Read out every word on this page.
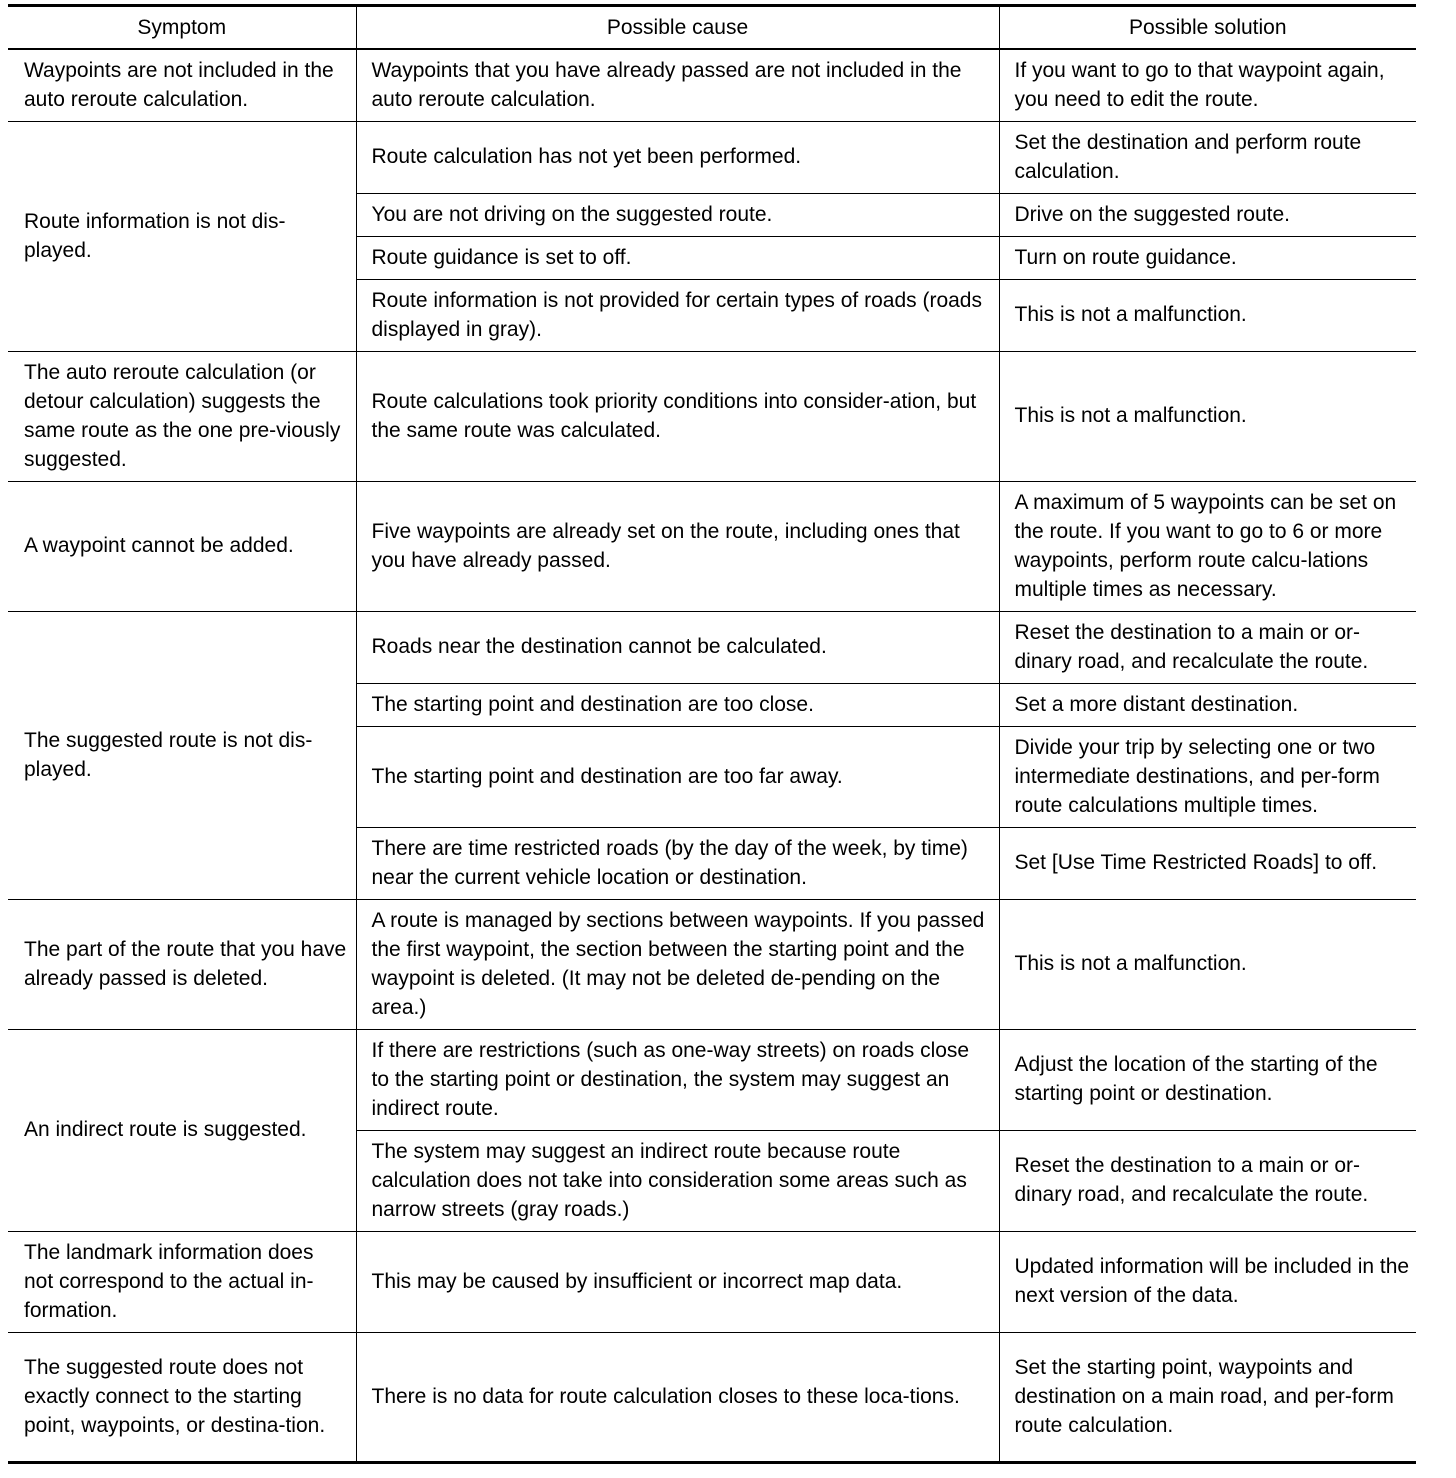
Symptom	Possible cause	Possible solution
Waypoints are not included in the auto reroute calculation.	Waypoints that you have already passed are not included in the auto reroute calculation.	If you want to go to that waypoint again, you need to edit the route.
Route information is not dis-played.	Route calculation has not yet been performed.	Set the destination and perform route calculation.
	You are not driving on the suggested route.	Drive on the suggested route.
	Route guidance is set to off.	Turn on route guidance.
	Route information is not provided for certain types of roads (roads displayed in gray).	This is not a malfunction.
The auto reroute calculation (or detour calculation) suggests the same route as the one pre-viously suggested.	Route calculations took priority conditions into consider-ation, but the same route was calculated.	This is not a malfunction.
A waypoint cannot be added.	Five waypoints are already set on the route, including ones that you have already passed.	A maximum of 5 waypoints can be set on the route. If you want to go to 6 or more waypoints, perform route calcu-lations multiple times as necessary.
The suggested route is not dis-played.	Roads near the destination cannot be calculated.	Reset the destination to a main or or-dinary road, and recalculate the route.
	The starting point and destination are too close.	Set a more distant destination.
	The starting point and destination are too far away.	Divide your trip by selecting one or two intermediate destinations, and per-form route calculations multiple times.
	There are time restricted roads (by the day of the week, by time) near the current vehicle location or destination.	Set [Use Time Restricted Roads] to off.
The part of the route that you have already passed is deleted.	A route is managed by sections between waypoints. If you passed the first waypoint, the section between the starting point and the waypoint is deleted. (It may not be deleted de-pending on the area.)	This is not a malfunction.
An indirect route is suggested.	If there are restrictions (such as one-way streets) on roads close to the starting point or destination, the system may suggest an indirect route.	Adjust the location of the starting of the starting point or destination.
	The system may suggest an indirect route because route calculation does not take into consideration some areas such as narrow streets (gray roads.)	Reset the destination to a main or or-dinary road, and recalculate the route.
The landmark information does not correspond to the actual in-formation.	This may be caused by insufficient or incorrect map data.	Updated information will be included in the next version of the data.
The suggested route does not exactly connect to the starting point, waypoints, or destina-tion.	There is no data for route calculation closes to these loca-tions.	Set the starting point, waypoints and destination on a main road, and per-form route calculation.
